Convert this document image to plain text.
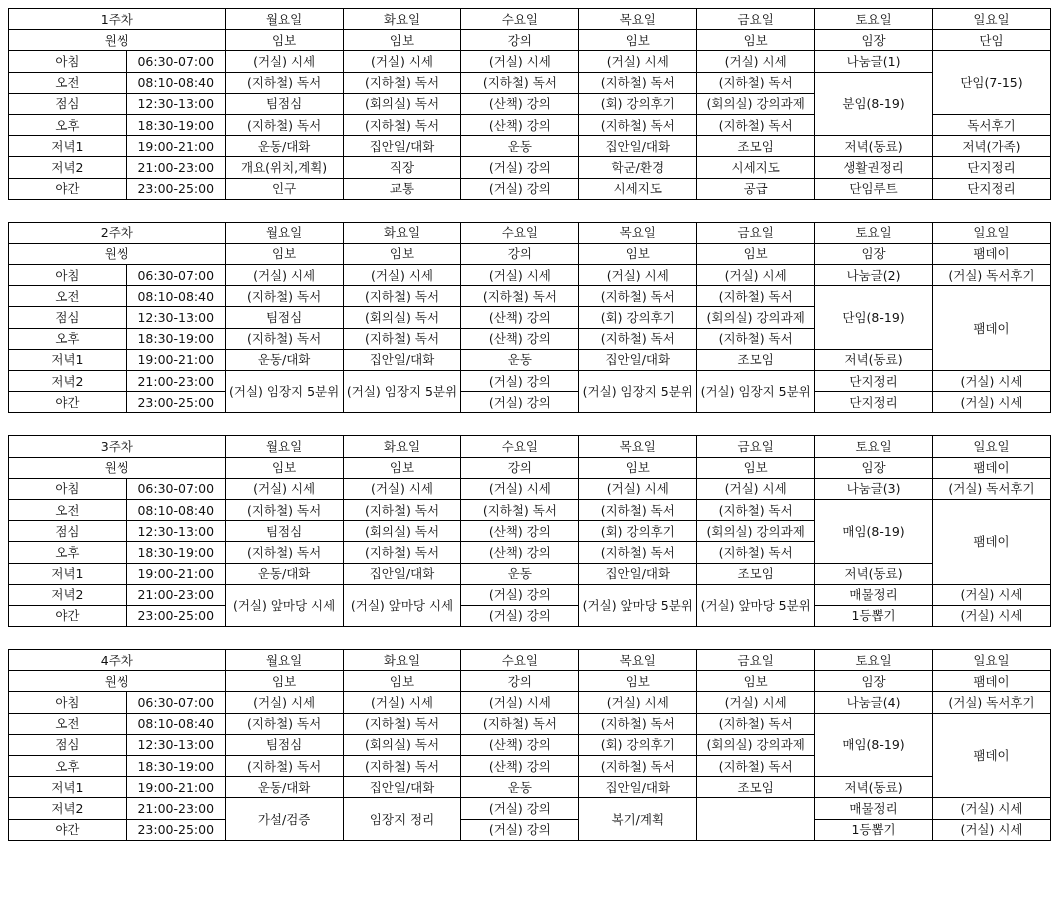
1주차		월요일	화요일	수요일	목요일	금요일	토요일	일요일
원씽		임보	임보	강의	임보	임보	임장	단임
아침	06:30-07:00	(거실) 시세	(거실) 시세	(거실) 시세	(거실) 시세	(거실) 시세	나눔글(1)	단임(7-15)
오전	08:10-08:40	(지하철) 독서	(지하철) 독서	(지하철) 독서	(지하철) 독서	(지하철) 독서	분임(8-19)	
점심	12:30-13:00	팀점심	(회의실) 독서	(산책) 강의	(회) 강의후기	(회의실) 강의과제		
오후	18:30-19:00	(지하철) 독서	(지하철) 독서	(산책) 강의	(지하철) 독서	(지하철) 독서		독서후기
저녁1	19:00-21:00	운동/대화	집안일/대화	운동	집안일/대화	조모임	저녁(동료)	저녁(가족)
저녁2	21:00-23:00	개요(위치,계획)	직장	(거실) 강의	학군/환경	시세지도	생활권정리	단지정리
야간	23:00-25:00	인구	교통	(거실) 강의	시세지도	공급	단임루트	단지정리
2주차		월요일	화요일	수요일	목요일	금요일	토요일	일요일
원씽		임보	임보	강의	임보	임보	임장	팸데이
아침	06:30-07:00	(거실) 시세	(거실) 시세	(거실) 시세	(거실) 시세	(거실) 시세	나눔글(2)	(거실) 독서후기
오전	08:10-08:40	(지하철) 독서	(지하철) 독서	(지하철) 독서	(지하철) 독서	(지하철) 독서	단임(8-19)	팸데이
점심	12:30-13:00	팀점심	(회의실) 독서	(산책) 강의	(회) 강의후기	(회의실) 강의과제		
오후	18:30-19:00	(지하철) 독서	(지하철) 독서	(산책) 강의	(지하철) 독서	(지하철) 독서		
저녁1	19:00-21:00	운동/대화	집안일/대화	운동	집안일/대화	조모임	저녁(동료)	
저녁2	21:00-23:00	(거실) 임장지 5분위	(거실) 임장지 5분위	(거실) 강의	(거실) 임장지 5분위	(거실) 임장지 5분위	단지정리	(거실) 시세
야간	23:00-25:00			(거실) 강의			단지정리	(거실) 시세
3주차		월요일	화요일	수요일	목요일	금요일	토요일	일요일
원씽		임보	임보	강의	임보	임보	임장	팸데이
아침	06:30-07:00	(거실) 시세	(거실) 시세	(거실) 시세	(거실) 시세	(거실) 시세	나눔글(3)	(거실) 독서후기
오전	08:10-08:40	(지하철) 독서	(지하철) 독서	(지하철) 독서	(지하철) 독서	(지하철) 독서	매임(8-19)	팸데이
점심	12:30-13:00	팀점심	(회의실) 독서	(산책) 강의	(회) 강의후기	(회의실) 강의과제		
오후	18:30-19:00	(지하철) 독서	(지하철) 독서	(산책) 강의	(지하철) 독서	(지하철) 독서		
저녁1	19:00-21:00	운동/대화	집안일/대화	운동	집안일/대화	조모임	저녁(동료)	
저녁2	21:00-23:00	(거실) 앞마당 시세	(거실) 앞마당 시세	(거실) 강의	(거실) 앞마당 5분위	(거실) 앞마당 5분위	매물정리	(거실) 시세
야간	23:00-25:00			(거실) 강의			1등뽑기	(거실) 시세
4주차		월요일	화요일	수요일	목요일	금요일	토요일	일요일
원씽		임보	임보	강의	임보	임보	임장	팸데이
아침	06:30-07:00	(거실) 시세	(거실) 시세	(거실) 시세	(거실) 시세	(거실) 시세	나눔글(4)	(거실) 독서후기
오전	08:10-08:40	(지하철) 독서	(지하철) 독서	(지하철) 독서	(지하철) 독서	(지하철) 독서	매임(8-19)	팸데이
점심	12:30-13:00	팀점심	(회의실) 독서	(산책) 강의	(회) 강의후기	(회의실) 강의과제		
오후	18:30-19:00	(지하철) 독서	(지하철) 독서	(산책) 강의	(지하철) 독서	(지하철) 독서		
저녁1	19:00-21:00	운동/대화	집안일/대화	운동	집안일/대화	조모임	저녁(동료)	
저녁2	21:00-23:00	가설/검증	임장지 정리	(거실) 강의	복기/계획		매물정리	(거실) 시세
야간	23:00-25:00			(거실) 강의			1등뽑기	(거실) 시세
